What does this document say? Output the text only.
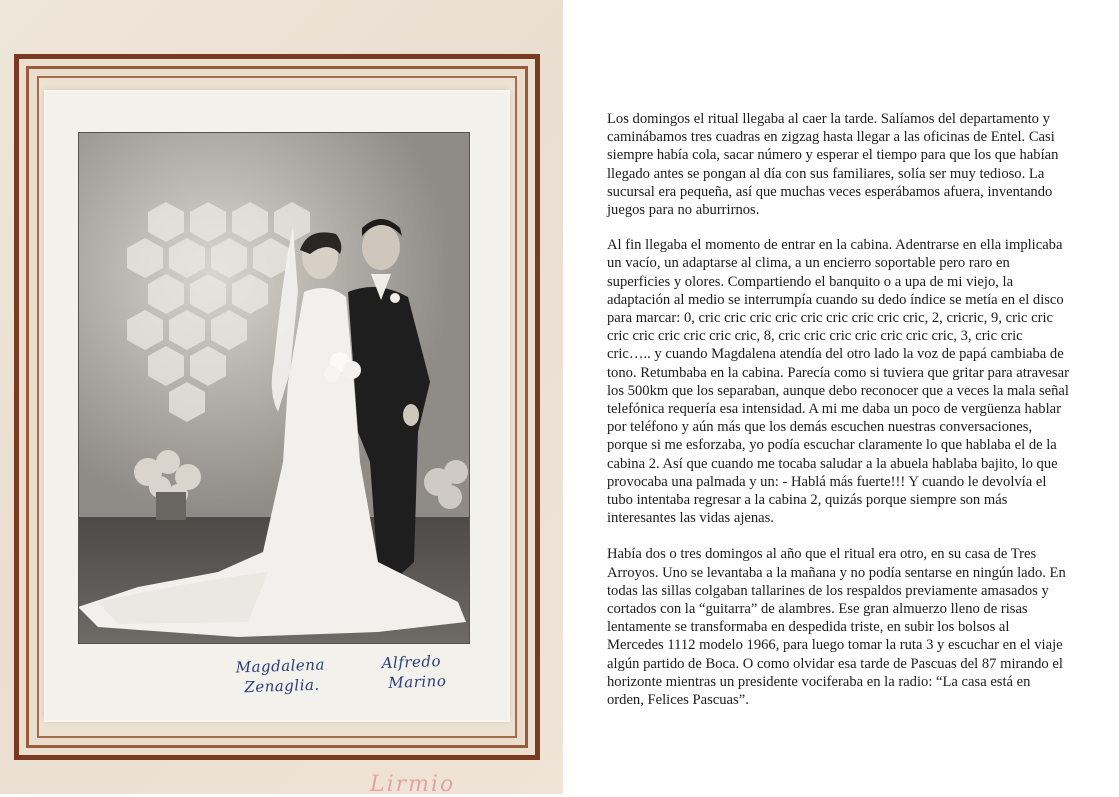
Magdalena
Zenaglia.
Alfredo
Marino
Lirmio

Los domingos el ritual llegaba al caer la tarde. Salíamos del departamento y caminábamos tres cuadras en zigzag hasta llegar a las oficinas de Entel. Casi siempre había cola, sacar número y esperar el tiempo para que los que habían llegado antes se pongan al día con sus familiares, solía ser muy tedioso. La sucursal era pequeña, así que muchas veces esperábamos afuera, inventando juegos para no aburrirnos.

Al fin llegaba el momento de entrar en la cabina. Adentrarse en ella implicaba un vacío, un adaptarse al clima, a un encierro soportable pero raro en superficies y olores. Compartiendo el banquito o a upa de mi viejo, la adaptación al medio se interrumpía cuando su dedo índice se metía en el disco para marcar: 0, cric cric cric cric cric cric cric cric cric, 2, cricric, 9, cric cric cric cric cric cric cric cric, 8, cric cric cric cric cric cric cric, 3, cric cric cric….. y cuando Magdalena atendía del otro lado la voz de papá cambiaba de tono. Retumbaba en la cabina. Parecía como si tuviera que gritar para atravesar los 500km que los separaban, aunque debo reconocer que a veces la mala señal telefónica requería esa intensidad. A mi me daba un poco de vergüenza hablar por teléfono y aún más que los demás escuchen nuestras conversaciones, porque si me esforzaba, yo podía escuchar claramente lo que hablaba el de la cabina 2. Así que cuando me tocaba saludar a la abuela hablaba bajito, lo que provocaba una palmada y un: - Hablá más fuerte!!! Y cuando le devolvía el tubo intentaba regresar a la cabina 2, quizás porque siempre son más interesantes las vidas ajenas.

Había dos o tres domingos al año que el ritual era otro, en su casa de Tres Arroyos. Uno se levantaba a la mañana y no podía sentarse en ningún lado. En todas las sillas colgaban tallarines de los respaldos previamente amasados y cortados con la “guitarra” de alambres. Ese gran almuerzo lleno de risas lentamente se transformaba en despedida triste, en subir los bolsos al Mercedes 1112 modelo 1966, para luego tomar la ruta 3 y escuchar en el viaje algún partido de Boca. O como olvidar esa tarde de Pascuas del 87 mirando el horizonte mientras un presidente vociferaba en la radio: “La casa está en orden, Felices Pascuas”.
